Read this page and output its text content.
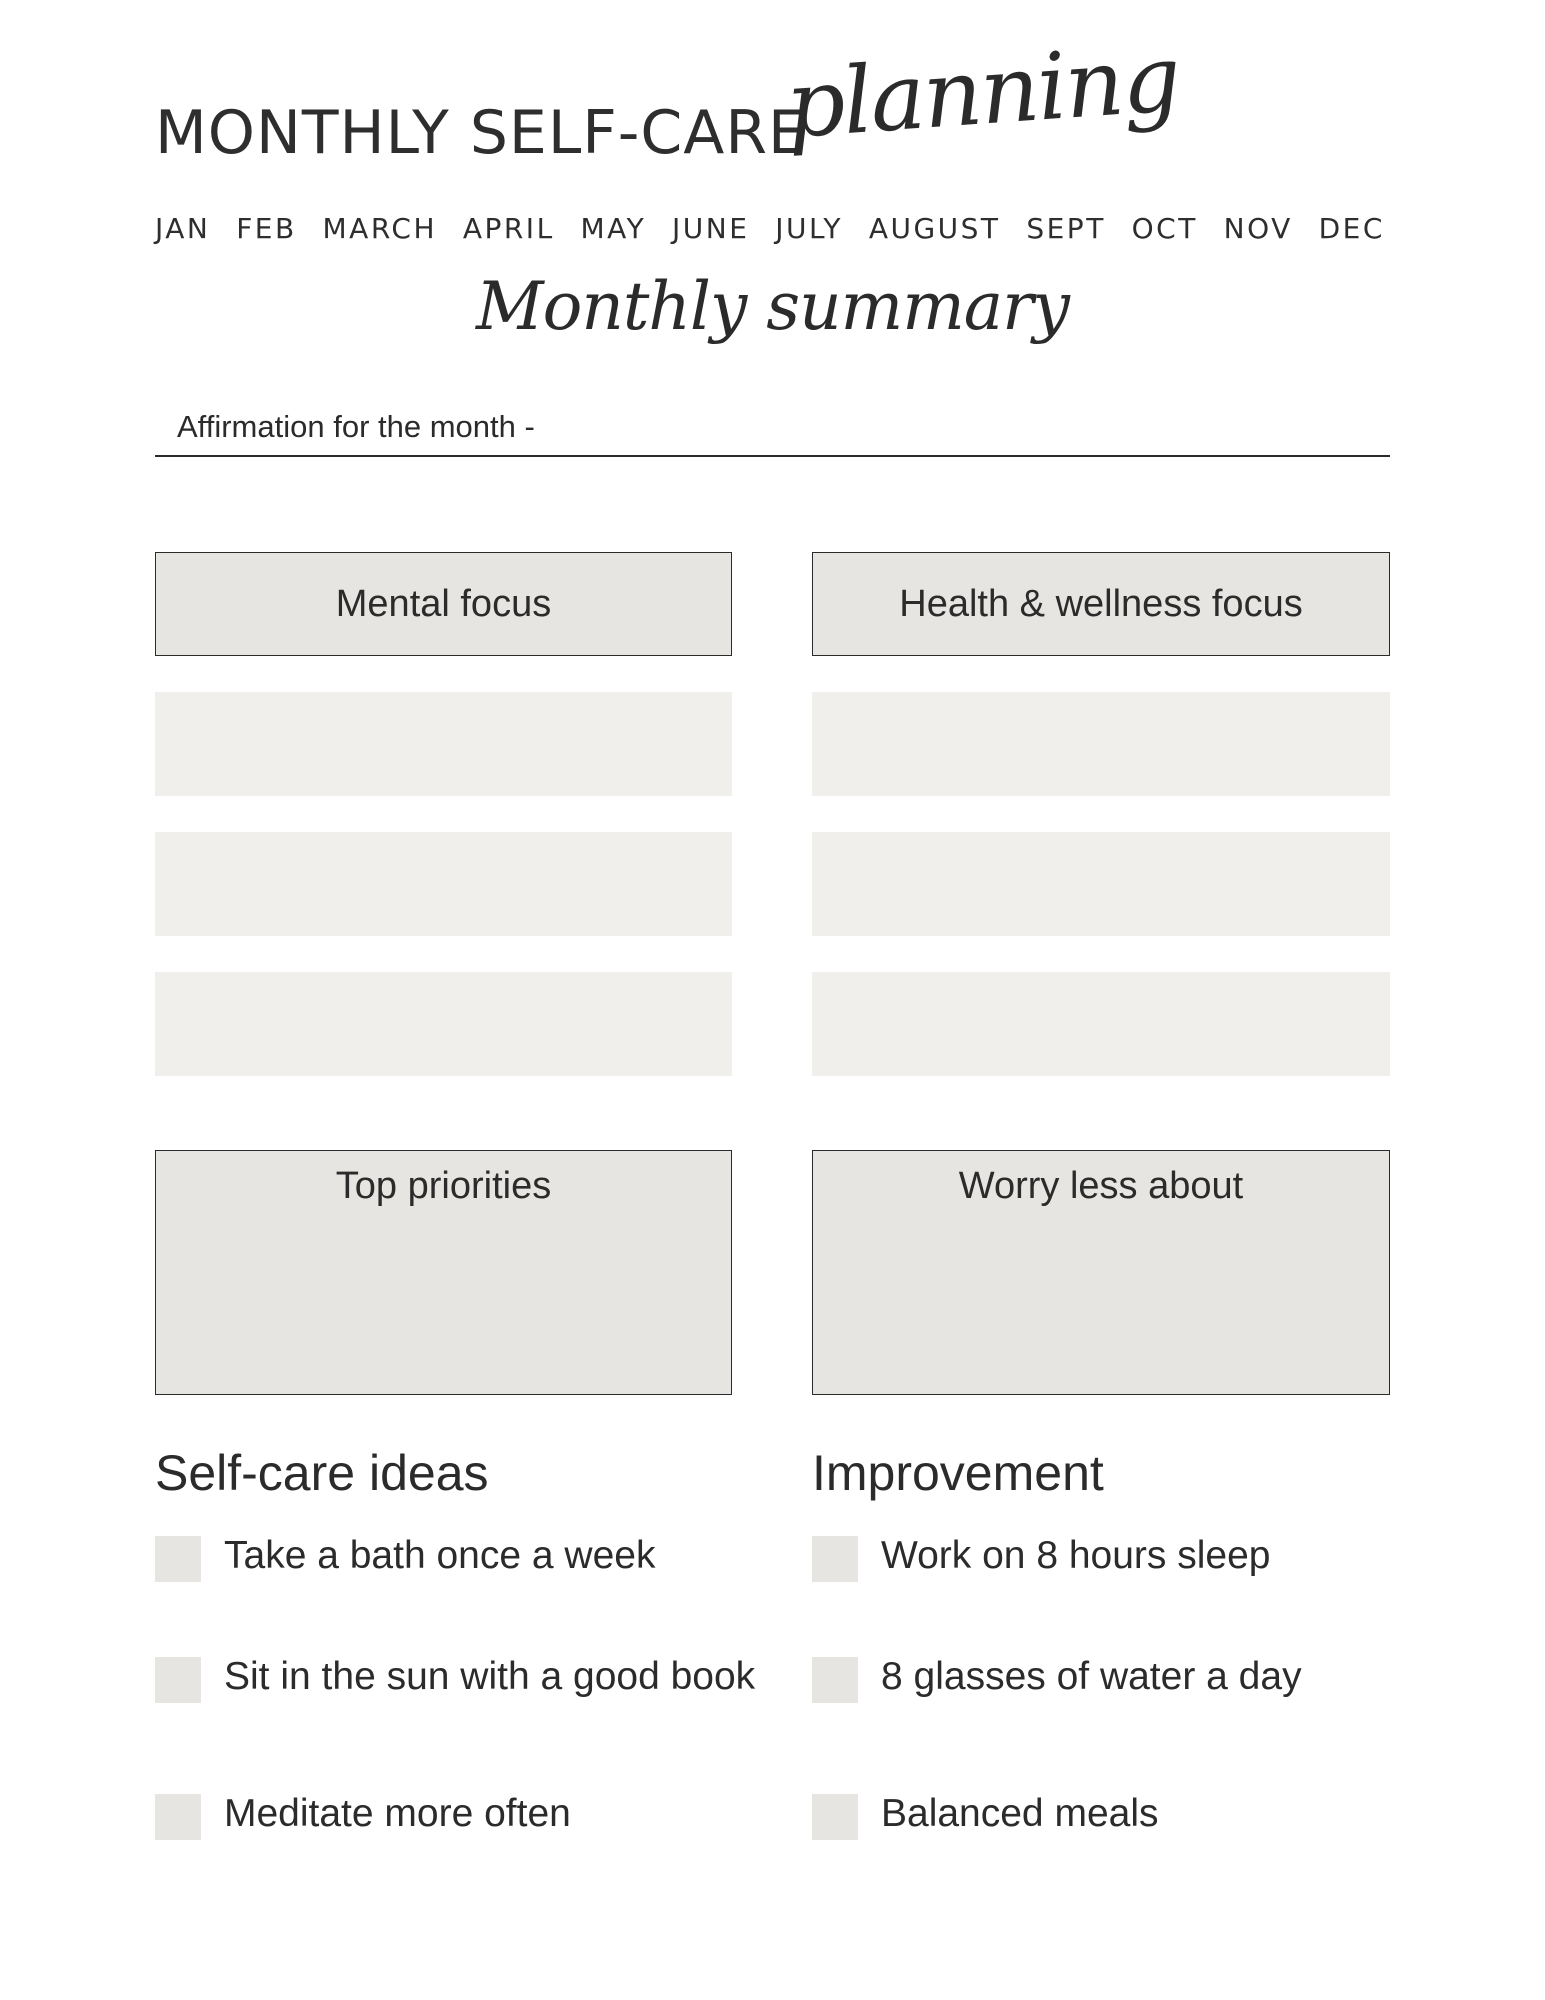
MONTHLY SELF-CARE
planning
JAN FEB MARCH APRIL MAY JUNE JULY AUGUST SEPT OCT NOV DEC
Monthly summary
Affirmation for the month -
Mental focus	Health & wellness focus
Top priorities	Worry less about
Self-care ideas
Take a bath once a week
Sit in the sun with a good book
Meditate more often
Improvement
Work on 8 hours sleep
8 glasses of water a day
Balanced meals
